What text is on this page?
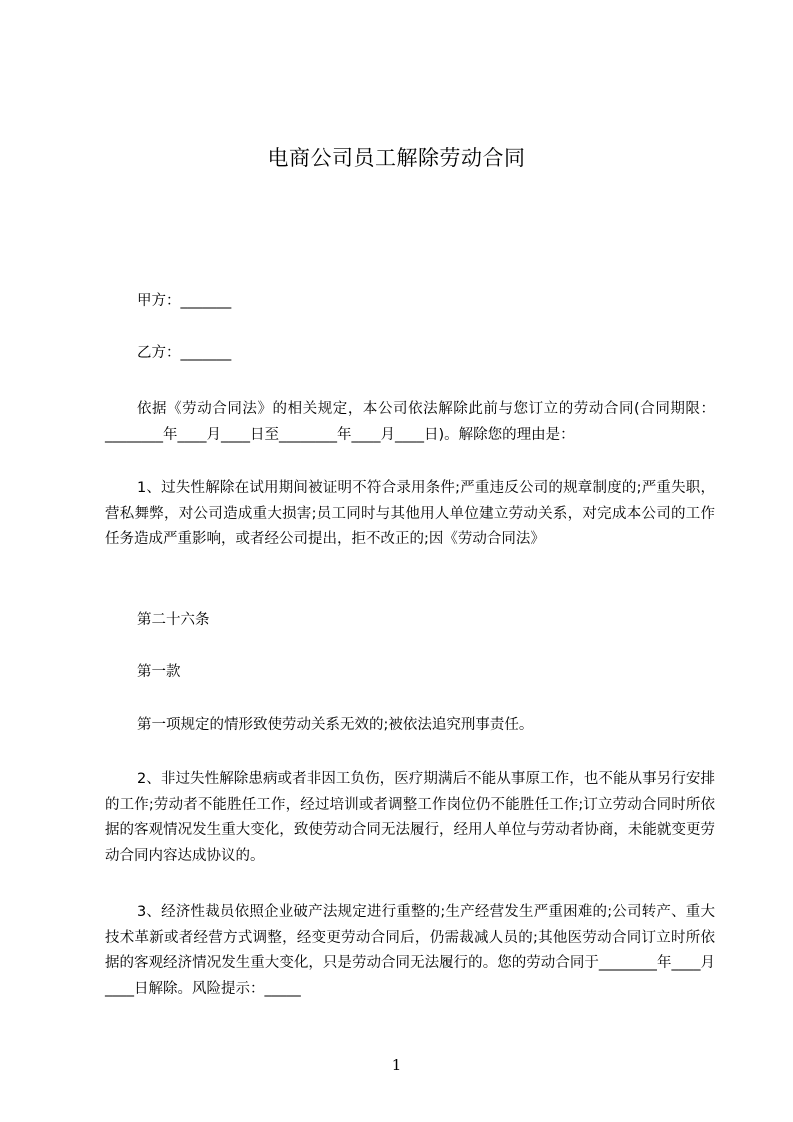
电商公司员工解除劳动合同
甲方：_______
乙方：_______
依据《劳动合同法》的相关规定，本公司依法解除此前与您订立的劳动合同(合同期限：________年____月____日至________年____月____日)。解除您的理由是：
1、过失性解除在试用期间被证明不符合录用条件;严重违反公司的规章制度的;严重失职，营私舞弊，对公司造成重大损害;员工同时与其他用人单位建立劳动关系，对完成本公司的工作任务造成严重影响，或者经公司提出，拒不改正的;因《劳动合同法》
第二十六条
第一款
第一项规定的情形致使劳动关系无效的;被依法追究刑事责任。
2、非过失性解除患病或者非因工负伤，医疗期满后不能从事原工作，也不能从事另行安排的工作;劳动者不能胜任工作，经过培训或者调整工作岗位仍不能胜任工作;订立劳动合同时所依据的客观情况发生重大变化，致使劳动合同无法履行，经用人单位与劳动者协商，未能就变更劳动合同内容达成协议的。
3、经济性裁员依照企业破产法规定进行重整的;生产经营发生严重困难的;公司转产、重大技术革新或者经营方式调整，经变更劳动合同后，仍需裁减人员的;其他医劳动合同订立时所依据的客观经济情况发生重大变化，只是劳动合同无法履行的。您的劳动合同于________年____月____日解除。风险提示：_____
1
